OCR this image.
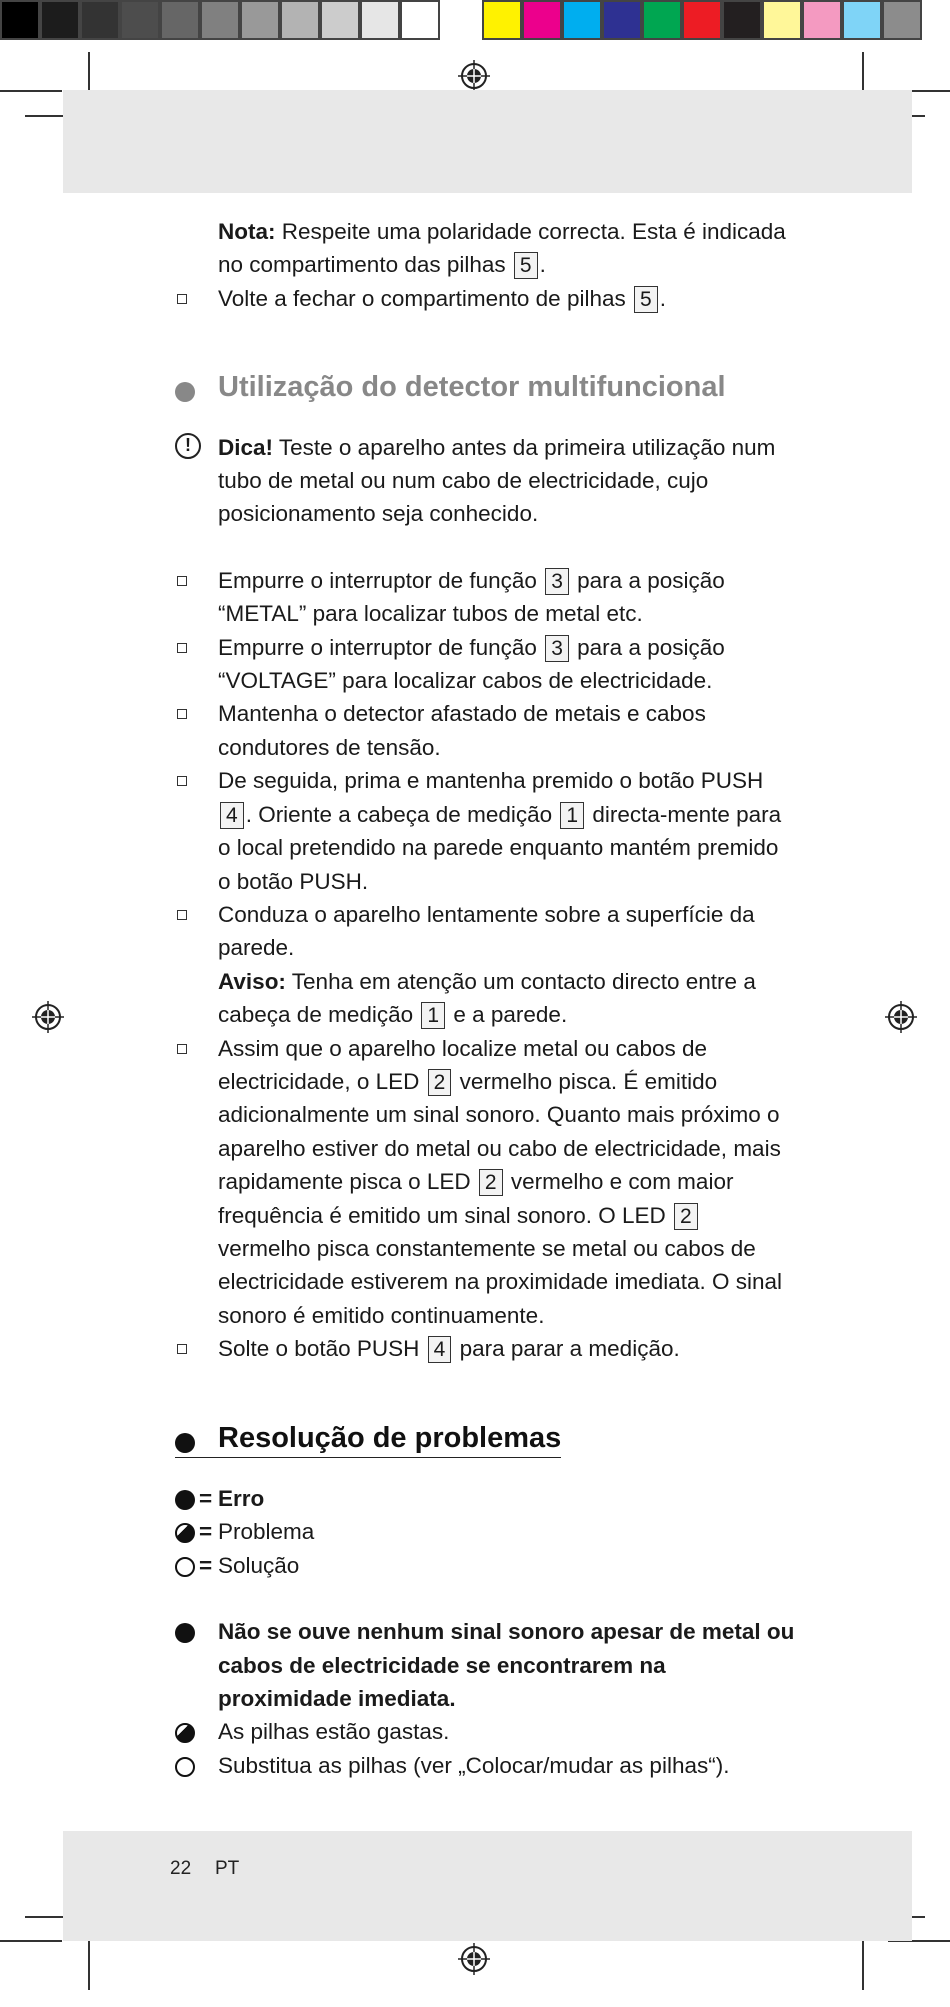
Nota: Respeite uma polaridade correcta. Esta é indicada no compartimento das pilhas 5 .

Volte a fechar o compartimento de pilhas 5 .

Utilização do detector multifuncional

!	Dica! Teste o aparelho antes da primeira utilização num tubo de metal ou num cabo de electricidade, cujo posicionamento seja conhecido.

Empurre o interruptor de função 3 para a posição “METAL” para localizar tubos de metal etc.

Empurre o interruptor de função 3 para a posição “VOLTAGE” para localizar cabos de electricidade.

Mantenha o detector afastado de metais e cabos condutores de tensão.

De seguida, prima e mantenha premido o botão PUSH 4 . Oriente a cabeça de medição 1 directa-mente para o local pretendido na parede enquanto mantém premido o botão PUSH.

Conduza o aparelho lentamente sobre a superfície da parede.
Aviso: Tenha em atenção um contacto directo entre a cabeça de medição 1 e a parede.

Assim que o aparelho localize metal ou cabos de electricidade, o LED 2 vermelho pisca. É emitido adicionalmente um sinal sonoro. Quanto mais próximo o aparelho estiver do metal ou cabo de electricidade, mais rapidamente pisca o LED 2 vermelho e com maior frequência é emitido um sinal sonoro. O LED 2 vermelho pisca constantemente se metal ou cabos de electricidade estiverem na proximidade imediata. O sinal sonoro é emitido continuamente.

Solte o botão PUSH 4 para parar a medição.

Resolução de problemas

= Erro

= Problema

= Solução

Não se ouve nenhum sinal sonoro apesar de metal ou cabos de electricidade se encontrarem na proximidade imediata.

As pilhas estão gastas.

Substitua as pilhas (ver „Colocar/mudar as pilhas“).

22 PT
